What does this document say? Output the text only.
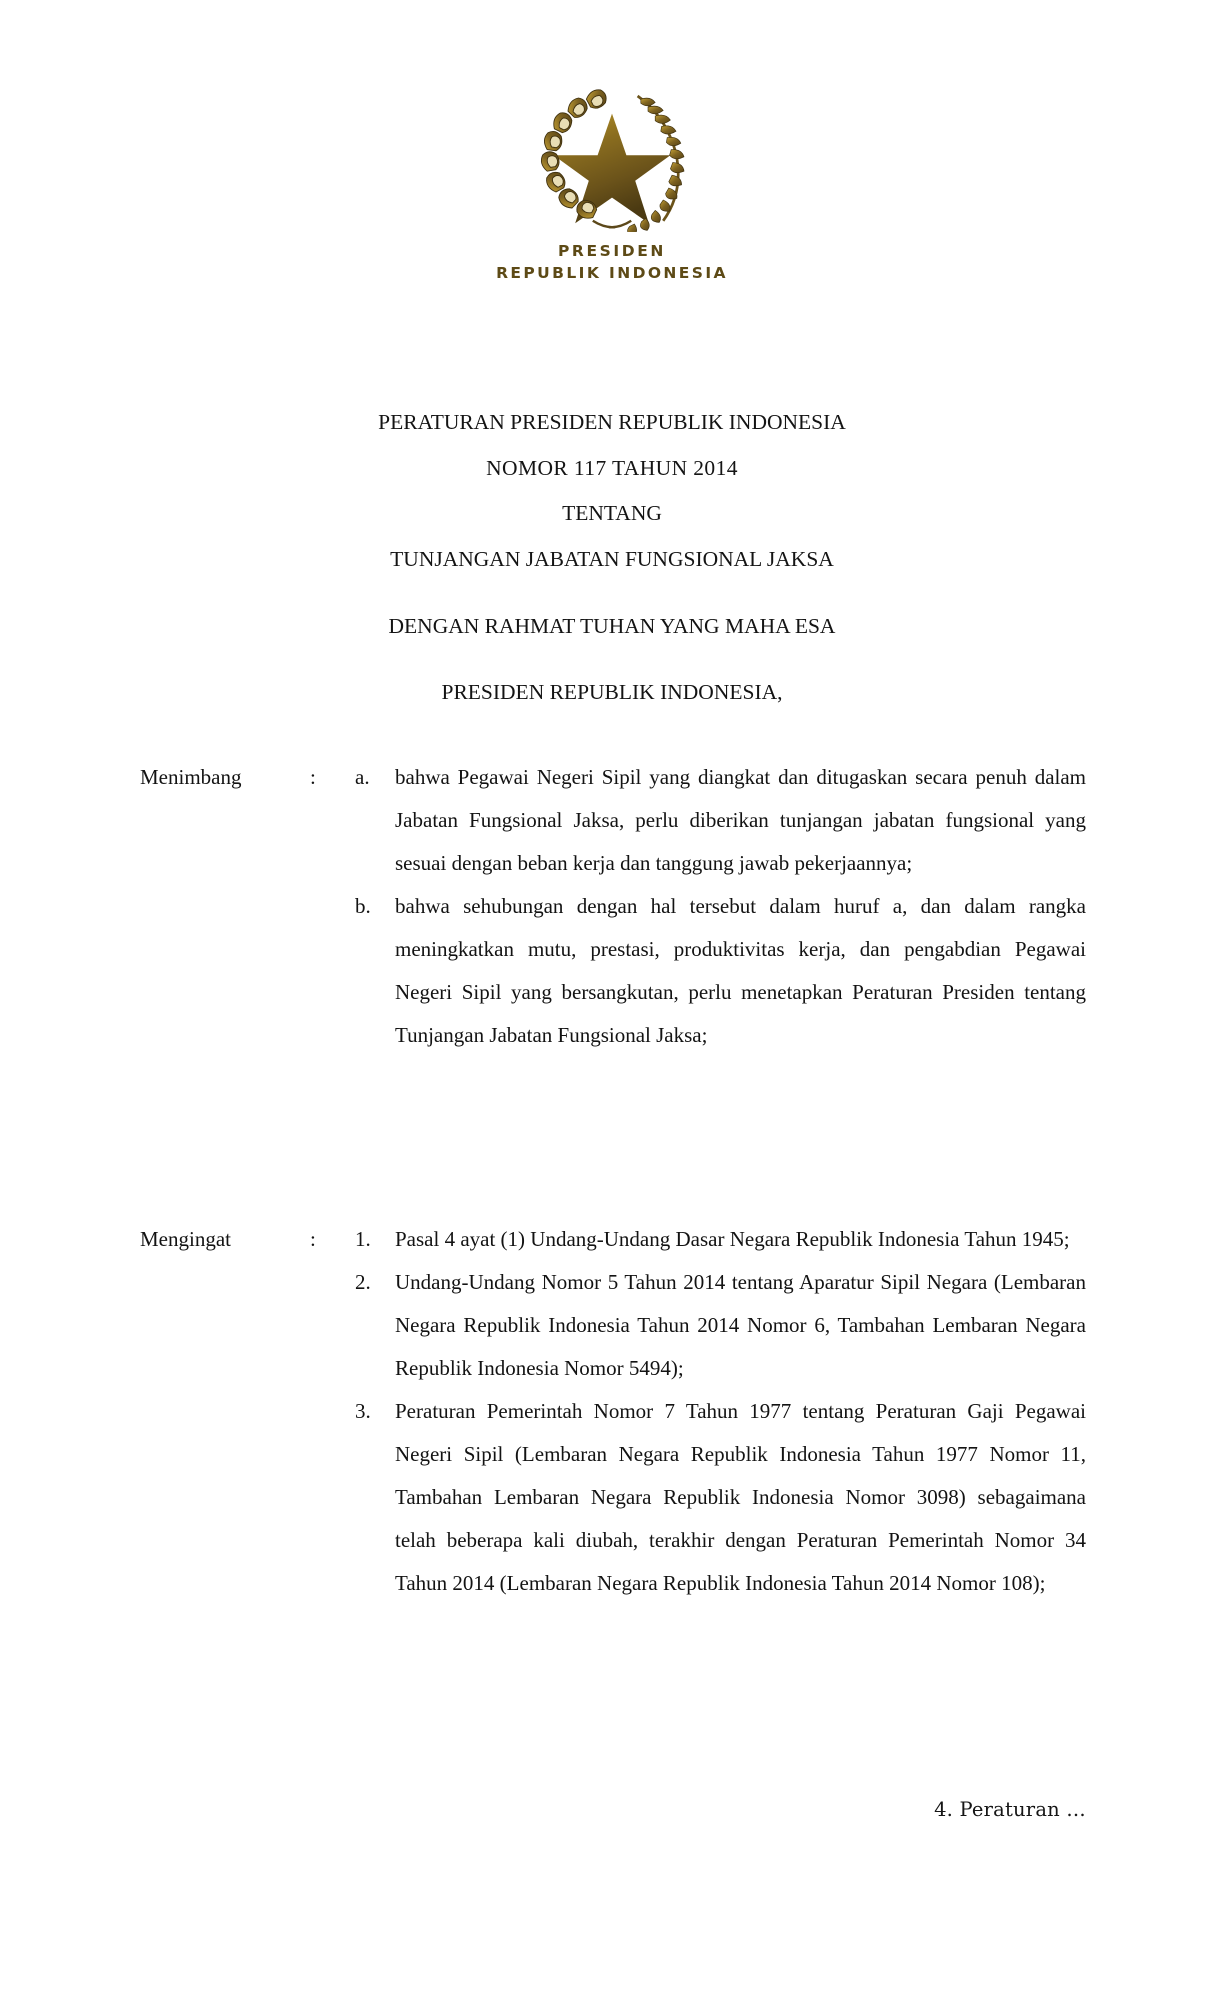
PRESIDEN
REPUBLIK INDONESIA
PERATURAN PRESIDEN REPUBLIK INDONESIA
NOMOR 117 TAHUN 2014
TENTANG
TUNJANGAN JABATAN FUNGSIONAL JAKSA
DENGAN RAHMAT TUHAN YANG MAHA ESA
PRESIDEN REPUBLIK INDONESIA,
Menimbang	:	a.	bahwa Pegawai Negeri Sipil yang diangkat dan ditugaskan secara penuh dalam Jabatan Fungsional Jaksa, perlu diberikan tunjangan jabatan fungsional yang sesuai dengan beban kerja dan tanggung jawab pekerjaannya;
b.	bahwa sehubungan dengan hal tersebut dalam huruf a, dan dalam rangka meningkatkan mutu, prestasi, produktivitas kerja, dan pengabdian Pegawai Negeri Sipil yang bersangkutan, perlu menetapkan Peraturan Presiden tentang Tunjangan Jabatan Fungsional Jaksa;
Mengingat	:	1.	Pasal 4 ayat (1) Undang-Undang Dasar Negara Republik Indonesia Tahun 1945;
2.	Undang-Undang Nomor 5 Tahun 2014 tentang Aparatur Sipil Negara (Lembaran Negara Republik Indonesia Tahun 2014 Nomor 6, Tambahan Lembaran Negara Republik Indonesia Nomor 5494);
3.	Peraturan Pemerintah Nomor 7 Tahun 1977 tentang Peraturan Gaji Pegawai Negeri Sipil (Lembaran Negara Republik Indonesia Tahun 1977 Nomor 11, Tambahan Lembaran Negara Republik Indonesia Nomor 3098) sebagaimana telah beberapa kali diubah, terakhir dengan Peraturan Pemerintah Nomor 34 Tahun 2014 (Lembaran Negara Republik Indonesia Tahun 2014 Nomor 108);
4. Peraturan …
